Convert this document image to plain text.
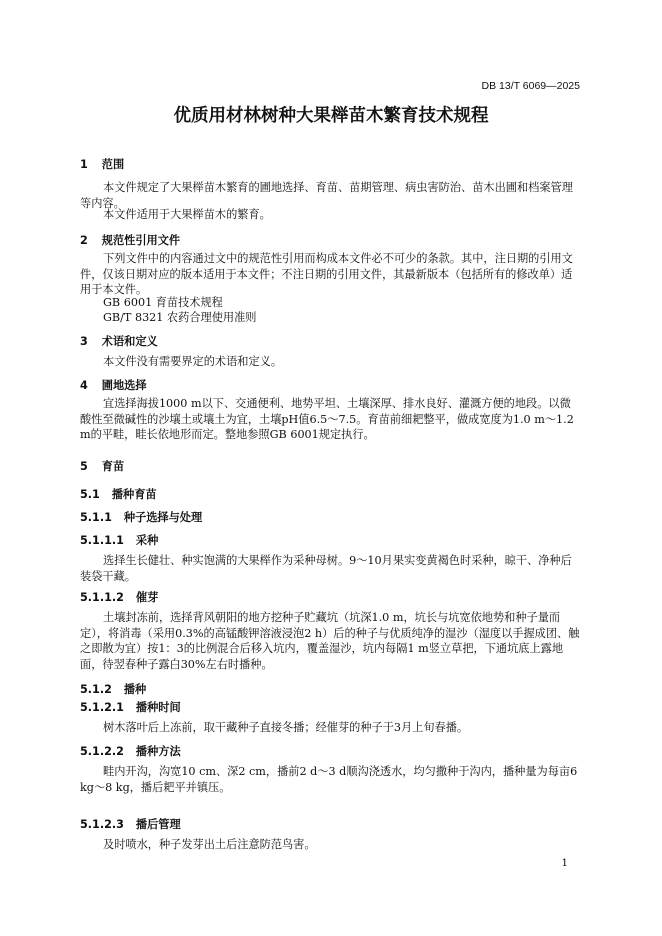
DB 13/T 6069—2025
优质用材林树种大果榉苗木繁育技术规程
1 范围
本文件规定了大果榉苗木繁育的圃地选择、育苗、苗期管理、病虫害防治、苗木出圃和档案管理等内容。
本文件适用于大果榉苗木的繁育。
2 规范性引用文件
下列文件中的内容通过文中的规范性引用而构成本文件必不可少的条款。其中，注日期的引用文件，仅该日期对应的版本适用于本文件；不注日期的引用文件，其最新版本（包括所有的修改单）适用于本文件。
GB 6001 育苗技术规程
GB/T 8321 农药合理使用准则
3 术语和定义
本文件没有需要界定的术语和定义。
4 圃地选择
宜选择海拔1000 m以下、交通便利、地势平坦、土壤深厚、排水良好、灌溉方便的地段。以微酸性至微碱性的沙壤土或壤土为宜，土壤pH值6.5～7.5。育苗前细耙整平，做成宽度为1.0 m～1.2 m的平畦，畦长依地形而定。整地参照GB 6001规定执行。
5 育苗
5.1 播种育苗
5.1.1 种子选择与处理
5.1.1.1 采种
选择生长健壮、种实饱满的大果榉作为采种母树。9～10月果实变黄褐色时采种，晾干、净种后装袋干藏。
5.1.1.2 催芽
土壤封冻前，选择背风朝阳的地方挖种子贮藏坑（坑深1.0 m，坑长与坑宽依地势和种子量而定），将消毒（采用0.3%的高锰酸钾溶液浸泡2 h）后的种子与优质纯净的湿沙（湿度以手握成团、触之即散为宜）按1：3的比例混合后移入坑内，覆盖湿沙，坑内每隔1 m竖立草把，下通坑底上露地面，待翌春种子露白30%左右时播种。
5.1.2 播种
5.1.2.1 播种时间
树木落叶后上冻前，取干藏种子直接冬播；经催芽的种子于3月上旬春播。
5.1.2.2 播种方法
畦内开沟，沟宽10 cm、深2 cm，播前2 d～3 d顺沟浇透水，均匀撒种于沟内，播种量为每亩6 kg～8 kg，播后耙平并镇压。
5.1.2.3 播后管理
及时喷水，种子发芽出土后注意防范鸟害。
1
